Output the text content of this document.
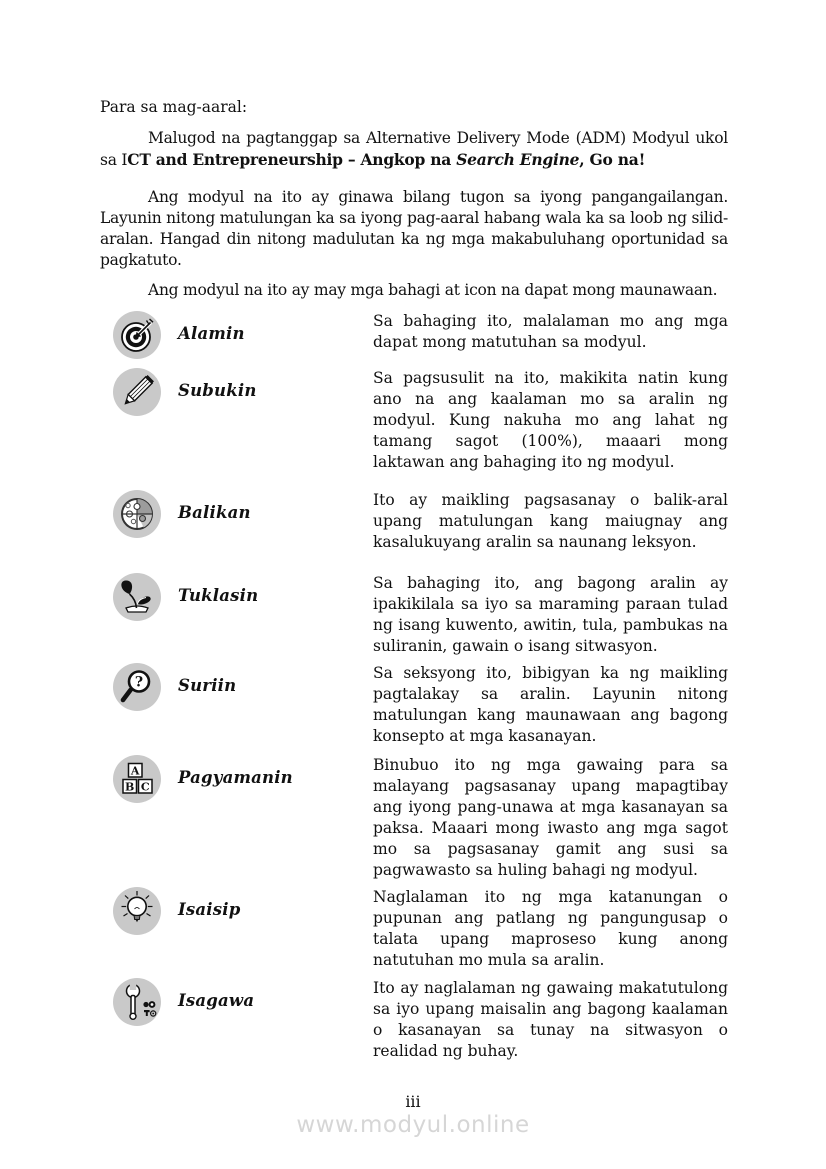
Para sa mag-aaral:

Malugod na pagtanggap sa Alternative Delivery Mode (ADM) Modyul ukol sa ICT and Entrepreneurship – Angkop na Search Engine, Go na!

Ang modyul na ito ay ginawa bilang tugon sa iyong pangangailangan. Layunin nitong matulungan ka sa iyong pag-aaral habang wala ka sa loob ng silid-aralan. Hangad din nitong madulutan ka ng mga makabuluhang oportunidad sa pagkatuto.

Ang modyul na ito ay may mga bahagi at icon na dapat mong maunawaan.

Alamin
Sa bahaging ito, malalaman mo ang mga dapat mong matutuhan sa modyul.
Subukin
Sa pagsusulit na ito, makikita natin kung ano na ang kaalaman mo sa aralin ng modyul. Kung nakuha mo ang lahat ng tamang sagot (100%), maaari mong laktawan ang bahaging ito ng modyul.
Balikan
Ito ay maikling pagsasanay o balik-aral upang matulungan kang maiugnay ang kasalukuyang aralin sa naunang leksyon.
Tuklasin
Sa bahaging ito, ang bagong aralin ay ipakikilala sa iyo sa maraming paraan tulad ng isang kuwento, awitin, tula, pambukas na suliranin, gawain o isang sitwasyon.
? Suriin
Sa seksyong ito, bibigyan ka ng maikling pagtalakay sa aralin. Layunin nitong matulungan kang maunawaan ang bagong konsepto at mga kasanayan.
A
B C
Pagyamanin
Binubuo ito ng mga gawaing para sa malayang pagsasanay upang mapagtibay ang iyong pang-unawa at mga kasanayan sa paksa. Maaari mong iwasto ang mga sagot mo sa pagsasanay gamit ang susi sa pagwawasto sa huling bahagi ng modyul.
Isaisip
Naglalaman ito ng mga katanungan o pupunan ang patlang ng pangungusap o talata upang maproseso kung anong natutuhan mo mula sa aralin.
Isagawa
Ito ay naglalaman ng gawaing makatutulong sa iyo upang maisalin ang bagong kaalaman o kasanayan sa tunay na sitwasyon o realidad ng buhay.
iii
www.modyul.online
